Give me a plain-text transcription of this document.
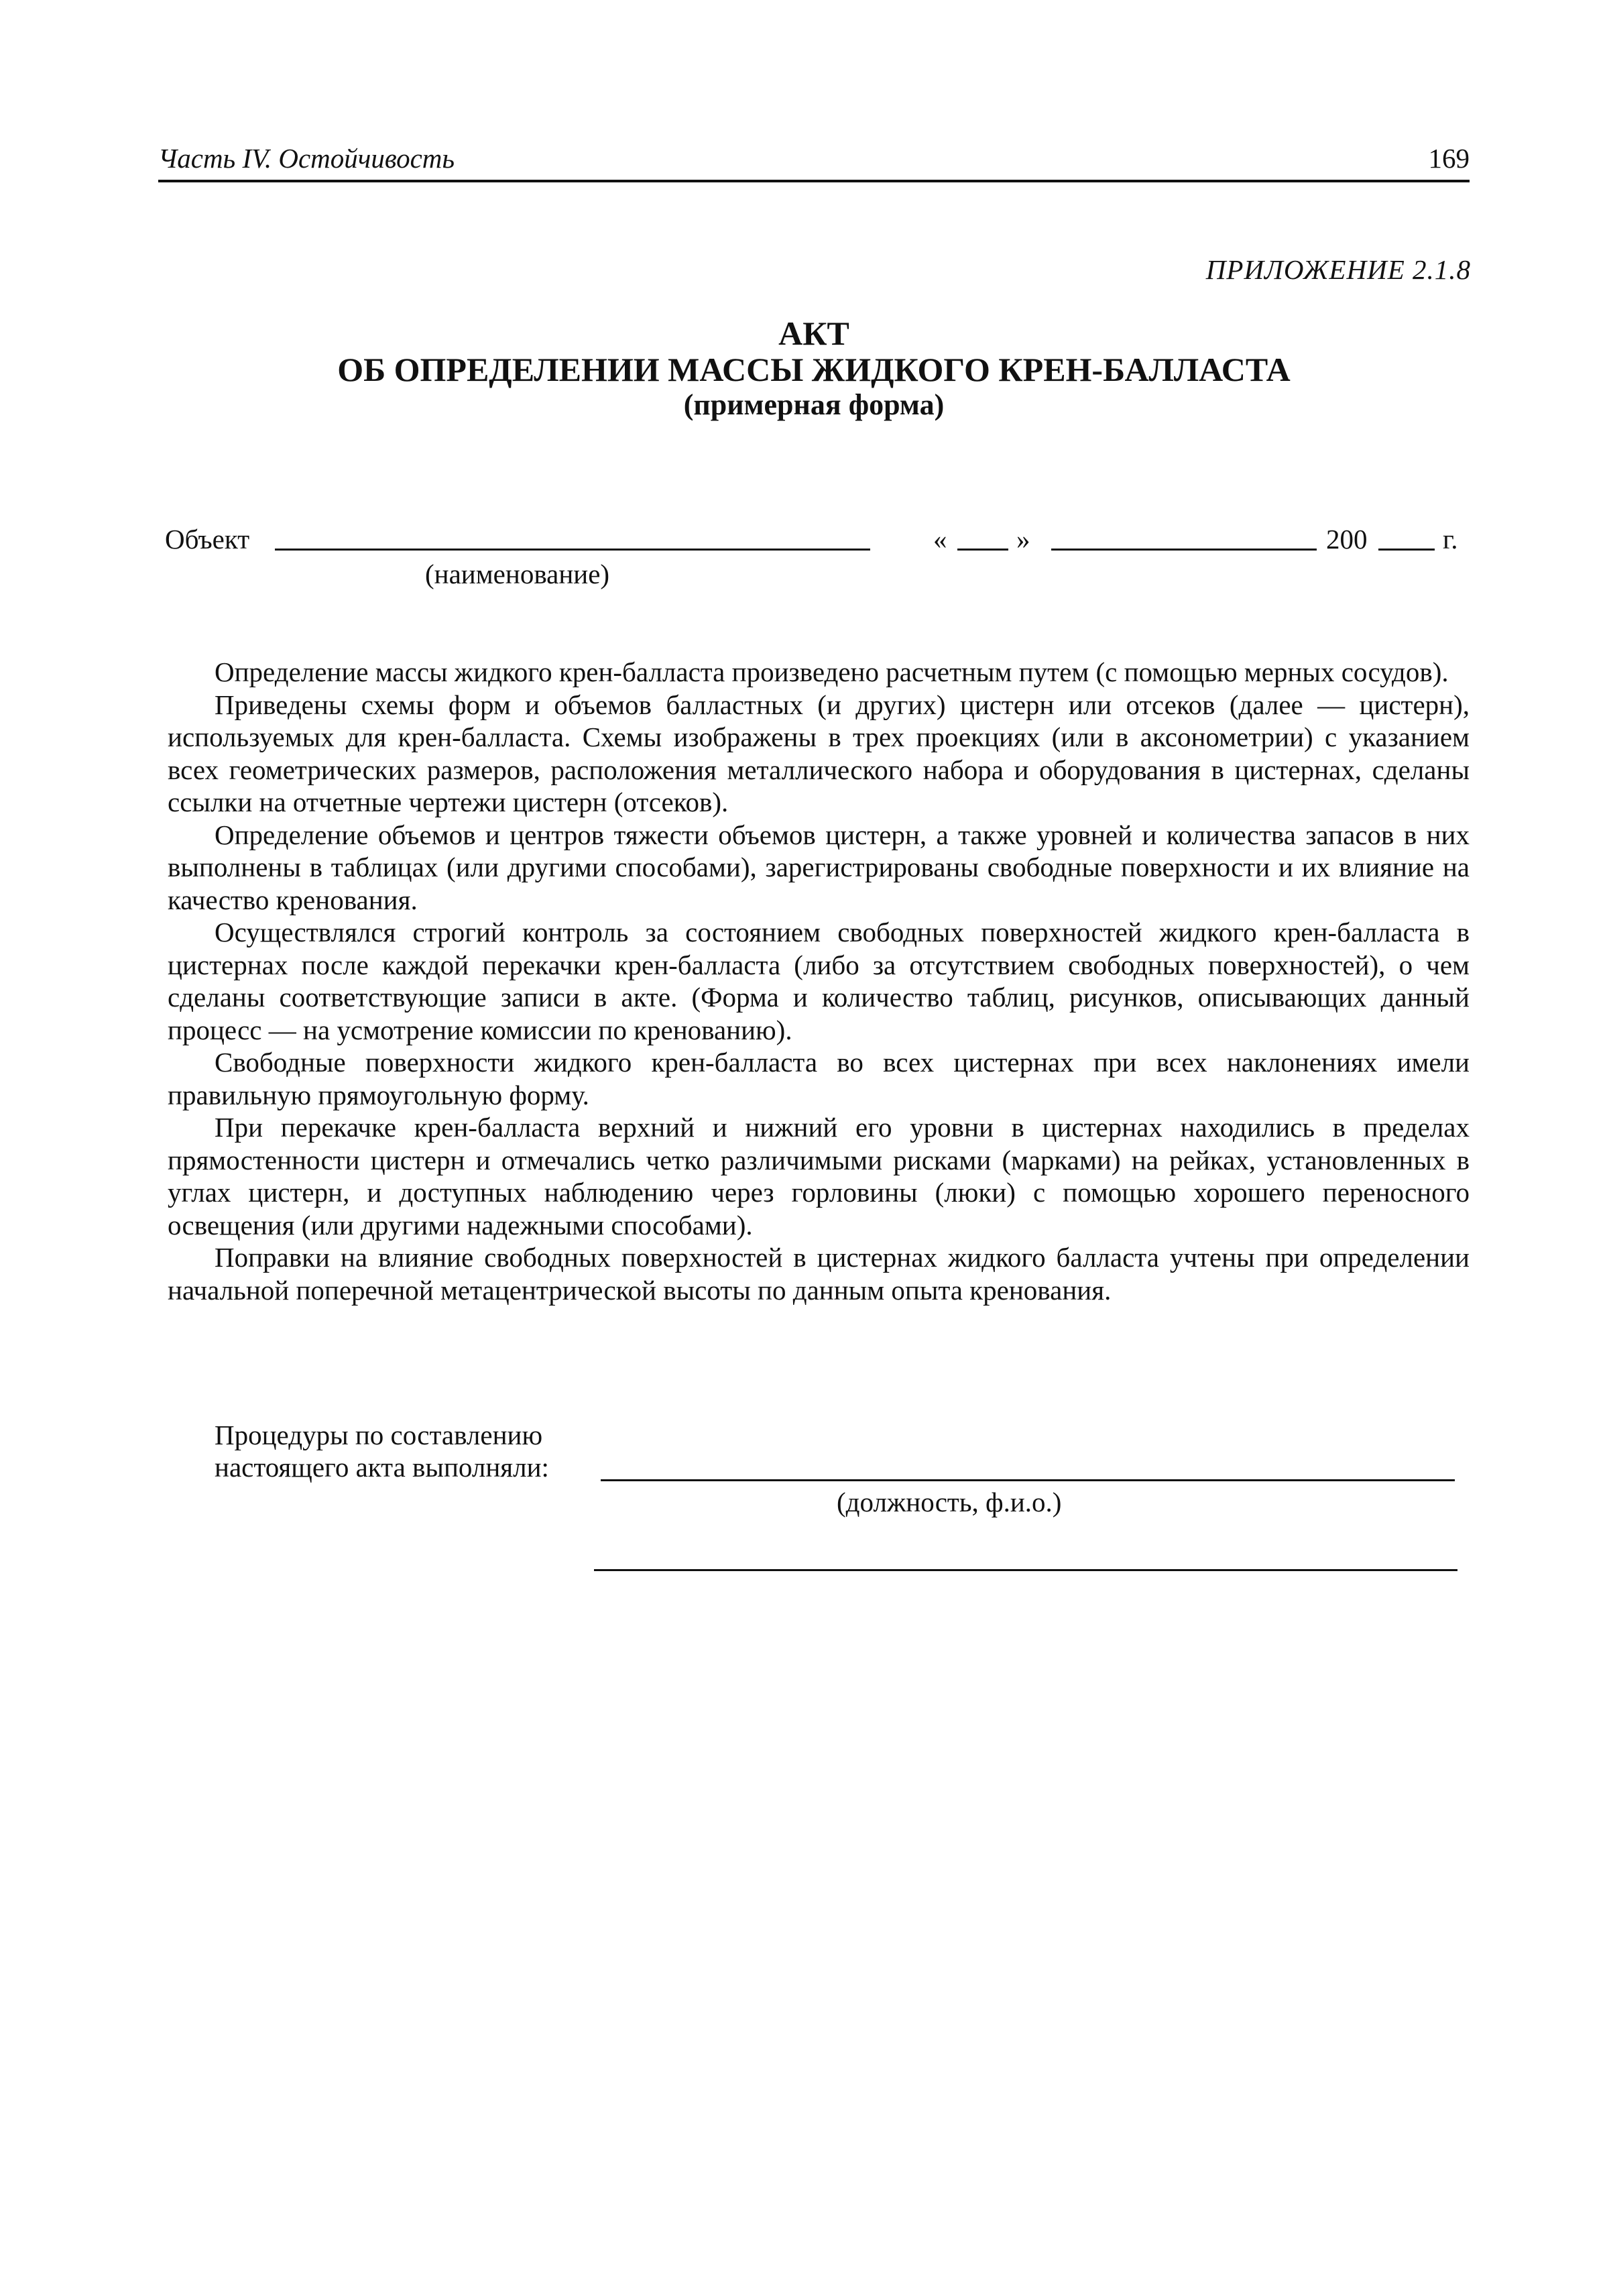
Часть IV. Остойчивость	169
ПРИЛОЖЕНИЕ 2.1.8
АКТ
ОБ ОПРЕДЕЛЕНИИ МАССЫ ЖИДКОГО КРЕН-БАЛЛАСТА
(примерная форма)
Объект
(наименование)
«	»	200	г.

Определение массы жидкого крен-балласта произведено расчетным путем (с помощью мерных сосудов).

Приведены схемы форм и объемов балластных (и других) цистерн или отсеков (далее — цистерн), используемых для крен-балласта. Схемы изображены в трех проекциях (или в аксонометрии) с указанием всех геометрических размеров, расположения металлического набора и оборудования в цистернах, сделаны ссылки на отчетные чертежи цистерн (отсеков).

Определение объемов и центров тяжести объемов цистерн, а также уровней и количества запасов в них выполнены в таблицах (или другими способами), зарегистрированы свободные поверхности и их влияние на качество кренования.

Осуществлялся строгий контроль за состоянием свободных поверхностей жидкого крен-балласта в цистернах после каждой перекачки крен-балласта (либо за отсутствием свободных поверхностей), о чем сделаны соответствующие записи в акте. (Форма и количество таблиц, рисунков, описывающих данный процесс — на усмотрение комиссии по кренованию).

Свободные поверхности жидкого крен-балласта во всех цистернах при всех наклонениях имели правильную прямоугольную форму.

При перекачке крен-балласта верхний и нижний его уровни в цистернах находились в пределах прямостенности цистерн и отмечались четко различимыми рисками (марками) на рейках, установленных в углах цистерн, и доступных наблюдению через горловины (люки) с помощью хорошего переносного освещения (или другими надежными способами).

Поправки на влияние свободных поверхностей в цистернах жидкого балласта учтены при определении начальной поперечной метацентрической высоты по данным опыта кренования.

Процедуры по составлению
настоящего акта выполняли:
(должность, ф.и.о.)
